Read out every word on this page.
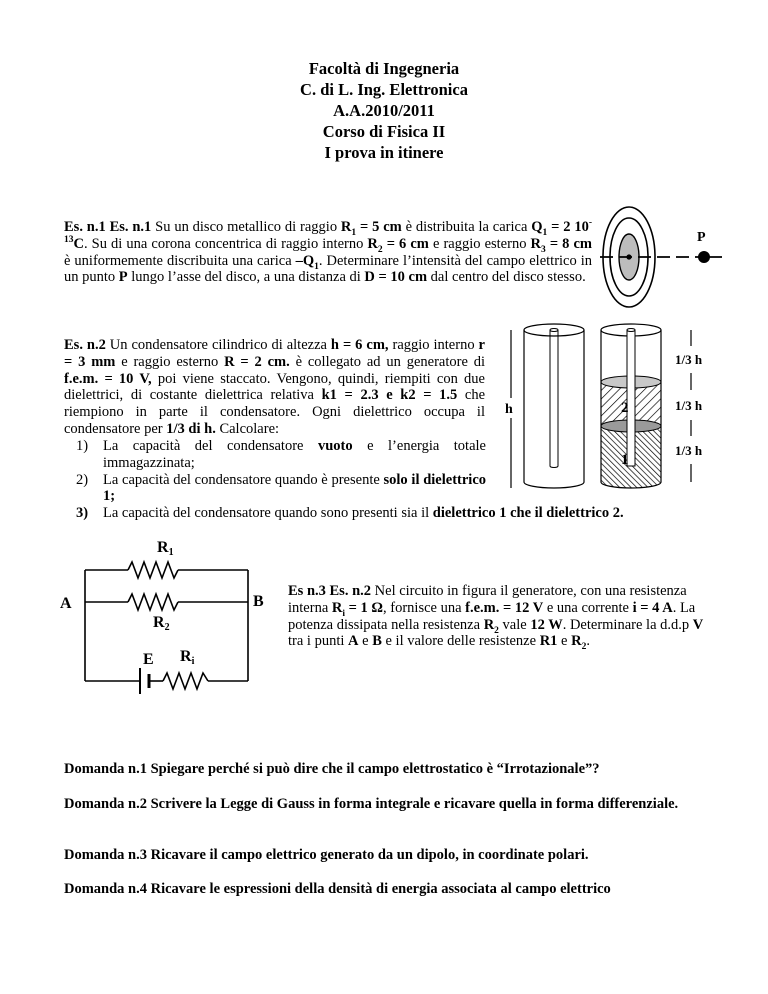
Facoltà di Ingegneria
C. di L. Ing. Elettronica
A.A.2010/2011
Corso di Fisica II
I prova in itinere

Es. n.1 Es. n.1 Su un disco metallico di raggio $R_1 = 5$ cm è distribuita la carica $Q_1 = 2$ $10^{-13}C$. Su di una corona concentrica di raggio interno $R_2 = 6$ cm e raggio esterno $R_3 = 8$ cm è uniformemente discribuita una carica $-Q_1$. Determinare l’intensità del campo elettrico in un punto P lungo l’asse del disco, a una distanza di D = 10 cm dal centro del disco stesso.

P

Es. n.2 Un condensatore cilindrico di altezza h = 6 cm, raggio interno r = 3 mm e raggio esterno R = 2 cm. è collegato ad un generatore di f.e.m. = 10 V, poi viene staccato. Vengono, quindi, riempiti con due dielettrici, di costante dielettrica relativa k1 = 2.3 e k2 = 1.5 che riempiono in parte il condensatore. Ogni dielettrico occupa il condensatore per 1/3 di h. Calcolare:

1)	La capacità del condensatore vuoto e l’energia totale immagazzinata;
2)	La capacità del condensatore quando è presente solo il dielettrico 1;
3)	La capacità del condensatore quando sono presenti sia il dielettrico 1 che il dielettrico 2.
h	2
1
1/3 h
1/3 h
1/3 h
R1
R2
A	B
E Ri

Es n.3 Es. n.2 Nel circuito in figura il generatore, con una resistenza interna $R_i = 1$ Ω, fornisce una f.e.m. = 12 V e una corrente i = 4 A. La potenza dissipata nella resistenza $R_2$ vale 12 W. Determinare la d.d.p V tra i punti A e B e il valore delle resistenze R1 e $R_2$.

Domanda n.1 Spiegare perché si può dire che il campo elettrostatico è “Irrotazionale”?
Domanda n.2 Scrivere la Legge di Gauss in forma integrale e ricavare quella in forma differenziale.
Domanda n.3 Ricavare il campo elettrico generato da un dipolo, in coordinate polari.
Domanda n.4 Ricavare le espressioni della densità di energia associata al campo elettrico
